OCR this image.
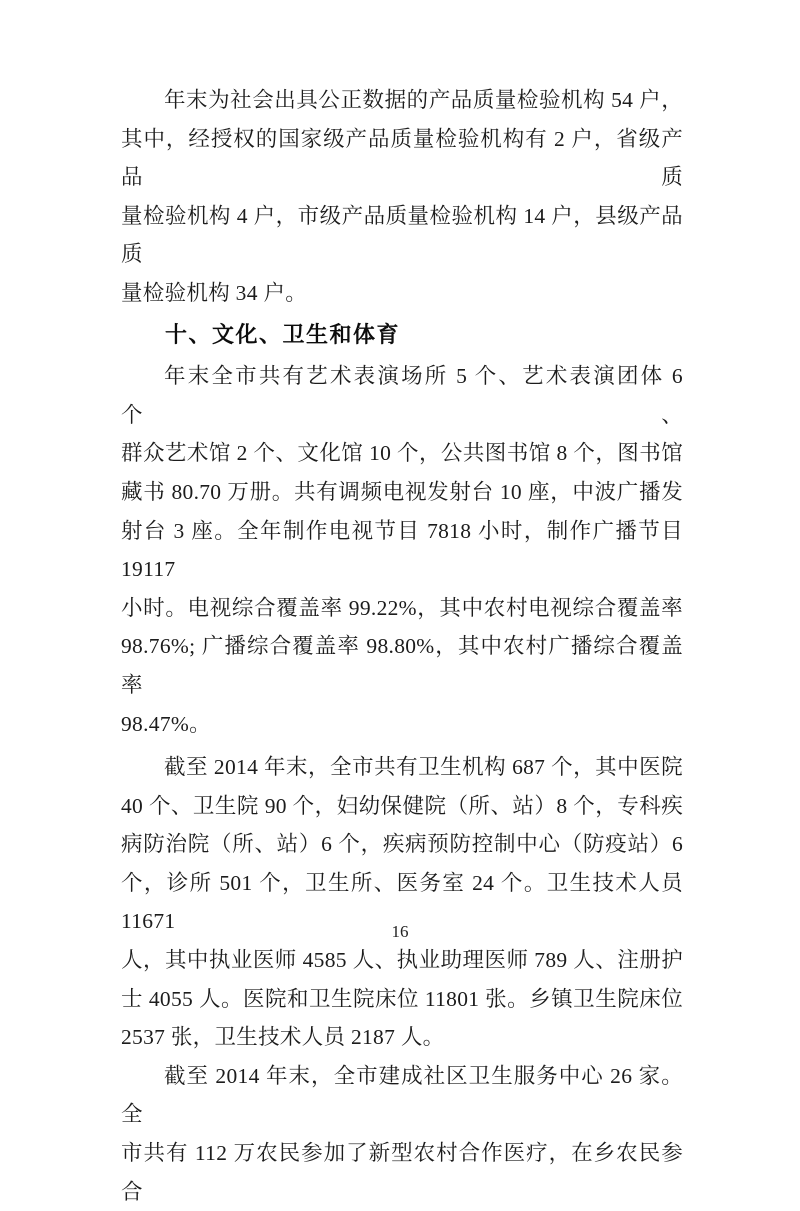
年末为社会出具公正数据的产品质量检验机构 54 户，
其中，经授权的国家级产品质量检验机构有 2 户，省级产品质
量检验机构 4 户，市级产品质量检验机构 14 户，县级产品质
量检验机构 34 户。
十、文化、卫生和体育
年末全市共有艺术表演场所 5 个、艺术表演团体 6 个、
群众艺术馆 2 个、文化馆 10 个，公共图书馆 8 个，图书馆
藏书 80.70 万册。共有调频电视发射台 10 座，中波广播发
射台 3 座。全年制作电视节目 7818 小时，制作广播节目 19117
小时。电视综合覆盖率 99.22%，其中农村电视综合覆盖率
98.76%; 广播综合覆盖率 98.80%，其中农村广播综合覆盖率
98.47%。
截至 2014 年末，全市共有卫生机构 687 个，其中医院
40 个、卫生院 90 个，妇幼保健院（所、站）8 个，专科疾
病防治院（所、站）6 个，疾病预防控制中心（防疫站）6
个，诊所 501 个，卫生所、医务室 24 个。卫生技术人员 11671
人，其中执业医师 4585 人、执业助理医师 789 人、注册护
士 4055 人。医院和卫生院床位 11801 张。乡镇卫生院床位
2537 张，卫生技术人员 2187 人。
截至 2014 年末，全市建成社区卫生服务中心 26 家。全
市共有 112 万农民参加了新型农村合作医疗，在乡农民参合
16
